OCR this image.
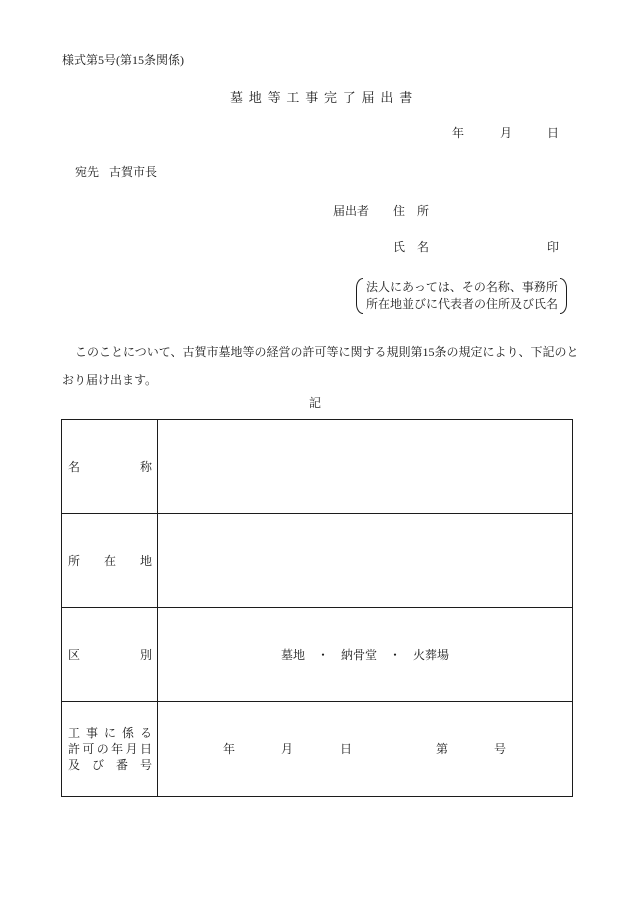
様式第5号(第15条関係)
墓地等工事完了届出書
年	月	日
宛先 古賀市長
届出者 住所
氏名	印
法人にあっては、その名称、事務所
所在地並びに代表者の住所及び氏名
このことについて、古賀市墓地等の経営の許可等に関する規則第15条の規定により、下記のと
おり届け出ます。
記
名	称
所 在 地
区	別	墓地 ・ 納骨堂 ・ 火葬場
工 事 に 係 る
許 可 の 年 月 日
及 び 番 号
年	月	日	第	号
